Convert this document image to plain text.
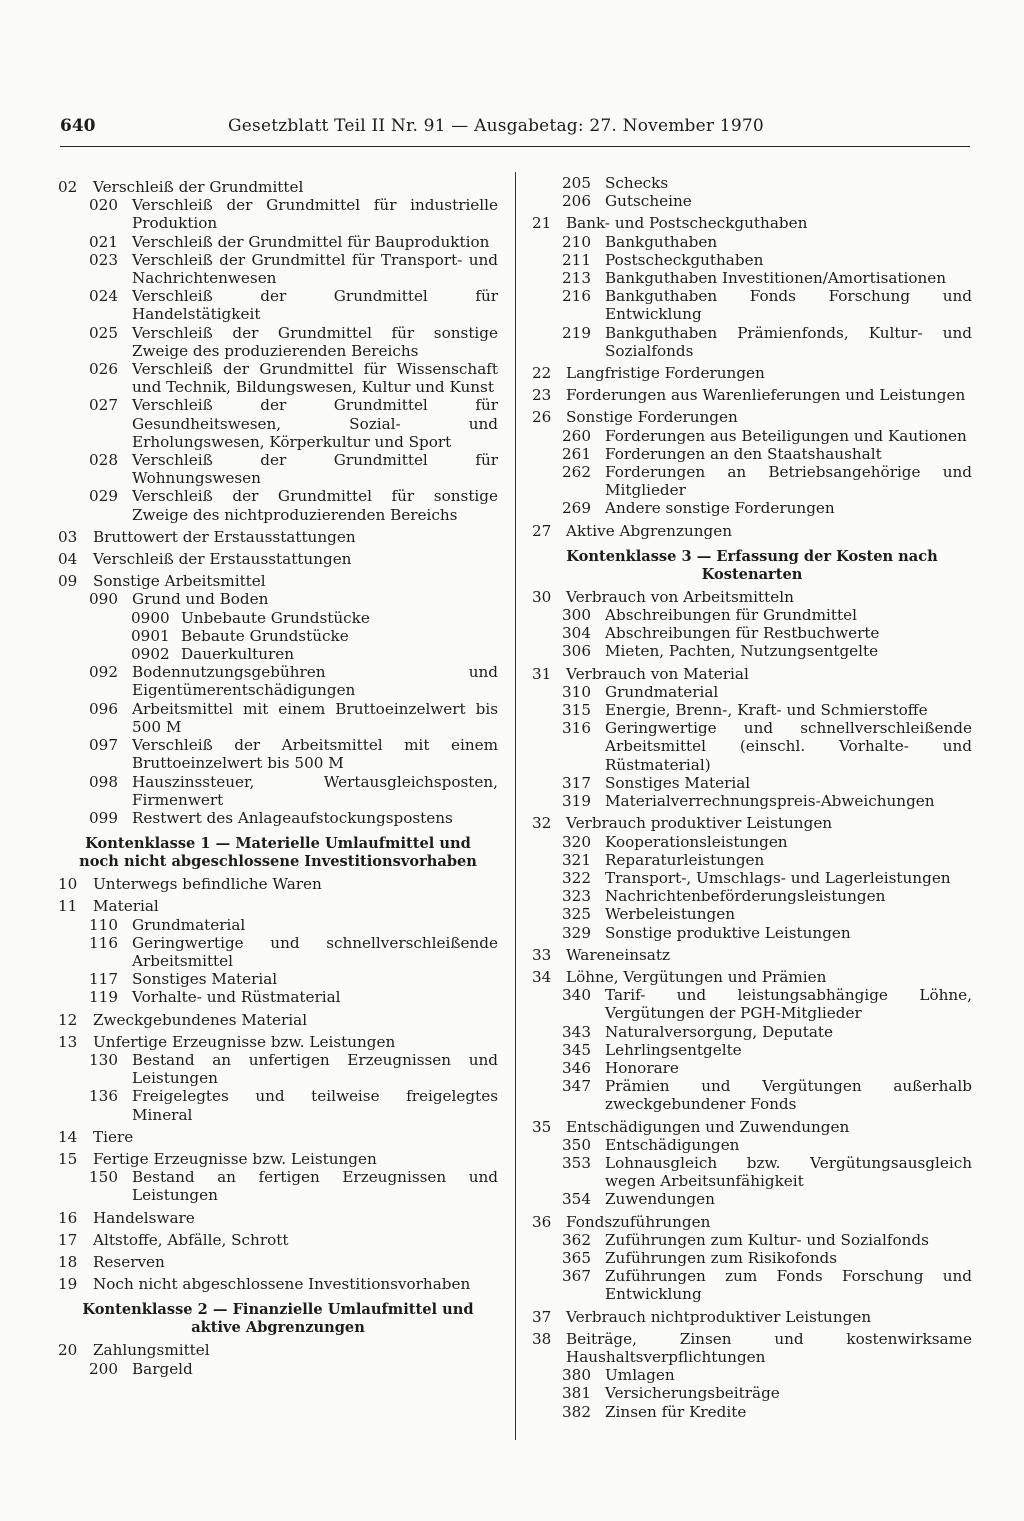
640	Gesetzblatt Teil II Nr. 91 — Ausgabetag: 27. November 1970
02	Verschleiß der Grundmittel
020 Verschleiß der Grundmittel für industrielle Produktion
021 Verschleiß der Grundmittel für Bauproduktion
023 Verschleiß der Grundmittel für Transport- und Nachrichtenwesen
024 Verschleiß der Grundmittel für Handelstätigkeit
025 Verschleiß der Grundmittel für sonstige Zweige des produzierenden Bereichs
026 Verschleiß der Grundmittel für Wissenschaft und Technik, Bildungswesen, Kultur und Kunst
027 Verschleiß der Grundmittel für Gesundheitswesen, Sozial- und Erholungswesen, Körperkultur und Sport
028 Verschleiß der Grundmittel für Wohnungswesen
029 Verschleiß der Grundmittel für sonstige Zweige des nichtproduzierenden Bereichs
03	Bruttowert der Erstausstattungen
04	Verschleiß der Erstausstattungen
09	Sonstige Arbeitsmittel
090 Grund und Boden
0900 Unbebaute Grundstücke
0901 Bebaute Grundstücke
0902 Dauerkulturen
092 Bodennutzungsgebühren und Eigentümerentschädigungen
096 Arbeitsmittel mit einem Bruttoeinzelwert bis 500 M
097 Verschleiß der Arbeitsmittel mit einem Bruttoeinzelwert bis 500 M
098 Hauszinssteuer, Wertausgleichsposten, Firmenwert
099 Restwert des Anlageaufstockungspostens
Kontenklasse 1 — Materielle Umlaufmittel und noch nicht abgeschlossene Investitionsvorhaben
10	Unterwegs befindliche Waren
11	Material
110 Grundmaterial
116 Geringwertige und schnellverschleißende Arbeitsmittel
117 Sonstiges Material
119 Vorhalte- und Rüstmaterial
12	Zweckgebundenes Material
13	Unfertige Erzeugnisse bzw. Leistungen
130 Bestand an unfertigen Erzeugnissen und Leistungen
136 Freigelegtes und teilweise freigelegtes Mineral
14	Tiere
15	Fertige Erzeugnisse bzw. Leistungen
150 Bestand an fertigen Erzeugnissen und Leistungen
16	Handelsware
17	Altstoffe, Abfälle, Schrott
18	Reserven
19	Noch nicht abgeschlossene Investitionsvorhaben
Kontenklasse 2 — Finanzielle Umlaufmittel und aktive Abgrenzungen
20	Zahlungsmittel
200 Bargeld
205 Schecks
206 Gutscheine
21 Bank- und Postscheckguthaben
210 Bankguthaben
211 Postscheckguthaben
213 Bankguthaben Investitionen/Amortisationen
216 Bankguthaben Fonds Forschung und Entwicklung
219 Bankguthaben Prämienfonds, Kultur- und Sozialfonds
22 Langfristige Forderungen
23 Forderungen aus Warenlieferungen und Leistungen
26 Sonstige Forderungen
260 Forderungen aus Beteiligungen und Kautionen
261 Forderungen an den Staatshaushalt
262 Forderungen an Betriebsangehörige und Mitglieder
269 Andere sonstige Forderungen
27 Aktive Abgrenzungen
Kontenklasse 3 — Erfassung der Kosten nach Kostenarten
30 Verbrauch von Arbeitsmitteln
300 Abschreibungen für Grundmittel
304 Abschreibungen für Restbuchwerte
306 Mieten, Pachten, Nutzungsentgelte
31 Verbrauch von Material
310 Grundmaterial
315 Energie, Brenn-, Kraft- und Schmierstoffe
316 Geringwertige und schnellverschleißende Arbeitsmittel (einschl. Vorhalte- und Rüstmaterial)
317 Sonstiges Material
319 Materialverrechnungspreis-Abweichungen
32 Verbrauch produktiver Leistungen
320 Kooperationsleistungen
321 Reparaturleistungen
322 Transport-, Umschlags- und Lagerleistungen
323 Nachrichtenbeförderungsleistungen
325 Werbeleistungen
329 Sonstige produktive Leistungen
33 Wareneinsatz
34 Löhne, Vergütungen und Prämien
340 Tarif- und leistungsabhängige Löhne, Vergütungen der PGH-Mitglieder
343 Naturalversorgung, Deputate
345 Lehrlingsentgelte
346 Honorare
347 Prämien und Vergütungen außerhalb zweckgebundener Fonds
35 Entschädigungen und Zuwendungen
350 Entschädigungen
353 Lohnausgleich bzw. Vergütungsausgleich wegen Arbeitsunfähigkeit
354 Zuwendungen
36 Fondszuführungen
362 Zuführungen zum Kultur- und Sozialfonds
365 Zuführungen zum Risikofonds
367 Zuführungen zum Fonds Forschung und Entwicklung
37 Verbrauch nichtproduktiver Leistungen
38 Beiträge, Zinsen und kostenwirksame Haushaltsverpflichtungen
380 Umlagen
381 Versicherungsbeiträge
382 Zinsen für Kredite
